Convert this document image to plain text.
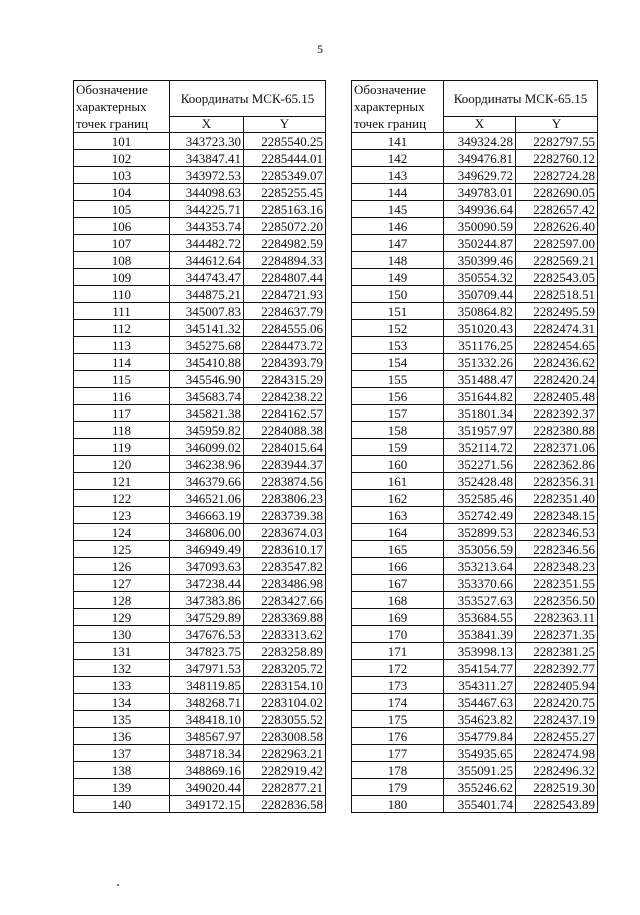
5
Обозначение характерных точек границ	Координаты МСК-65.15	
	X	Y
101	343723.30	2285540.25
102	343847.41	2285444.01
103	343972.53	2285349.07
104	344098.63	2285255.45
105	344225.71	2285163.16
106	344353.74	2285072.20
107	344482.72	2284982.59
108	344612.64	2284894.33
109	344743.47	2284807.44
110	344875.21	2284721.93
111	345007.83	2284637.79
112	345141.32	2284555.06
113	345275.68	2284473.72
114	345410.88	2284393.79
115	345546.90	2284315.29
116	345683.74	2284238.22
117	345821.38	2284162.57
118	345959.82	2284088.38
119	346099.02	2284015.64
120	346238.96	2283944.37
121	346379.66	2283874.56
122	346521.06	2283806.23
123	346663.19	2283739.38
124	346806.00	2283674.03
125	346949.49	2283610.17
126	347093.63	2283547.82
127	347238.44	2283486.98
128	347383.86	2283427.66
129	347529.89	2283369.88
130	347676.53	2283313.62
131	347823.75	2283258.89
132	347971.53	2283205.72
133	348119.85	2283154.10
134	348268.71	2283104.02
135	348418.10	2283055.52
136	348567.97	2283008.58
137	348718.34	2282963.21
138	348869.16	2282919.42
139	349020.44	2282877.21
140	349172.15	2282836.58
Обозначение характерных точек границ	Координаты МСК-65.15	
	X	Y
141	349324.28	2282797.55
142	349476.81	2282760.12
143	349629.72	2282724.28
144	349783.01	2282690.05
145	349936.64	2282657.42
146	350090.59	2282626.40
147	350244.87	2282597.00
148	350399.46	2282569.21
149	350554.32	2282543.05
150	350709.44	2282518.51
151	350864.82	2282495.59
152	351020.43	2282474.31
153	351176.25	2282454.65
154	351332.26	2282436.62
155	351488.47	2282420.24
156	351644.82	2282405.48
157	351801.34	2282392.37
158	351957.97	2282380.88
159	352114.72	2282371.06
160	352271.56	2282362.86
161	352428.48	2282356.31
162	352585.46	2282351.40
163	352742.49	2282348.15
164	352899.53	2282346.53
165	353056.59	2282346.56
166	353213.64	2282348.23
167	353370.66	2282351.55
168	353527.63	2282356.50
169	353684.55	2282363.11
170	353841.39	2282371.35
171	353998.13	2282381.25
172	354154.77	2282392.77
173	354311.27	2282405.94
174	354467.63	2282420.75
175	354623.82	2282437.19
176	354779.84	2282455.27
177	354935.65	2282474.98
178	355091.25	2282496.32
179	355246.62	2282519.30
180	355401.74	2282543.89
